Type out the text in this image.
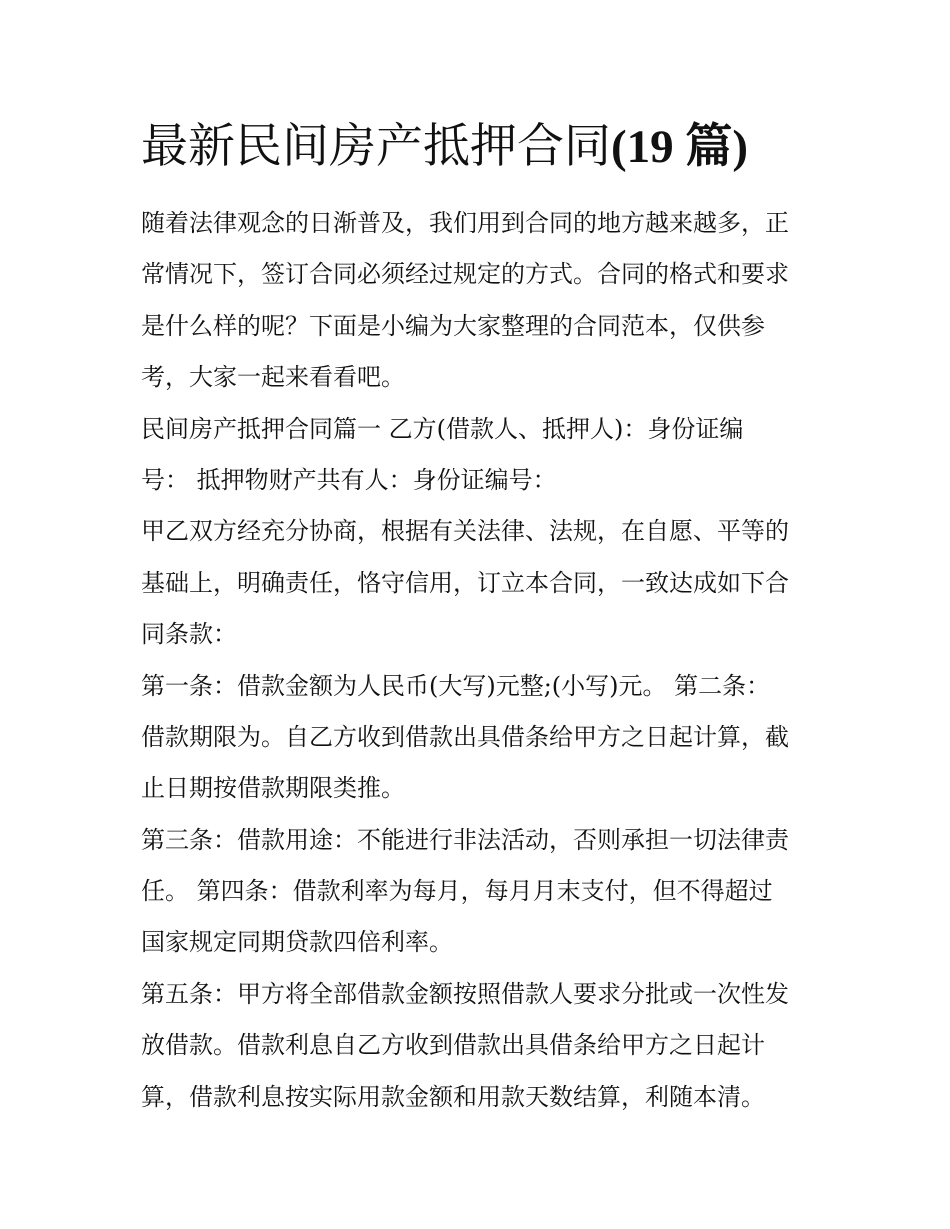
最新民间房产抵押合同(19 篇)
随着法律观念的日渐普及，我们用到合同的地方越来越多，正
常情况下，签订合同必须经过规定的方式。合同的格式和要求
是什么样的呢？下面是小编为大家整理的合同范本，仅供参
考，大家一起来看看吧。
民间房产抵押合同篇一 乙方(借款人、抵押人)：身份证编
号： 抵押物财产共有人：身份证编号：
甲乙双方经充分协商，根据有关法律、法规，在自愿、平等的
基础上，明确责任，恪守信用，订立本合同，一致达成如下合
同条款：
第一条：借款金额为人民币(大写)元整;(小写)元。 第二条：
借款期限为。自乙方收到借款出具借条给甲方之日起计算，截
止日期按借款期限类推。
第三条：借款用途：不能进行非法活动，否则承担一切法律责
任。 第四条：借款利率为每月，每月月末支付，但不得超过
国家规定同期贷款四倍利率。
第五条：甲方将全部借款金额按照借款人要求分批或一次性发
放借款。借款利息自乙方收到借款出具借条给甲方之日起计
算，借款利息按实际用款金额和用款天数结算，利随本清。
